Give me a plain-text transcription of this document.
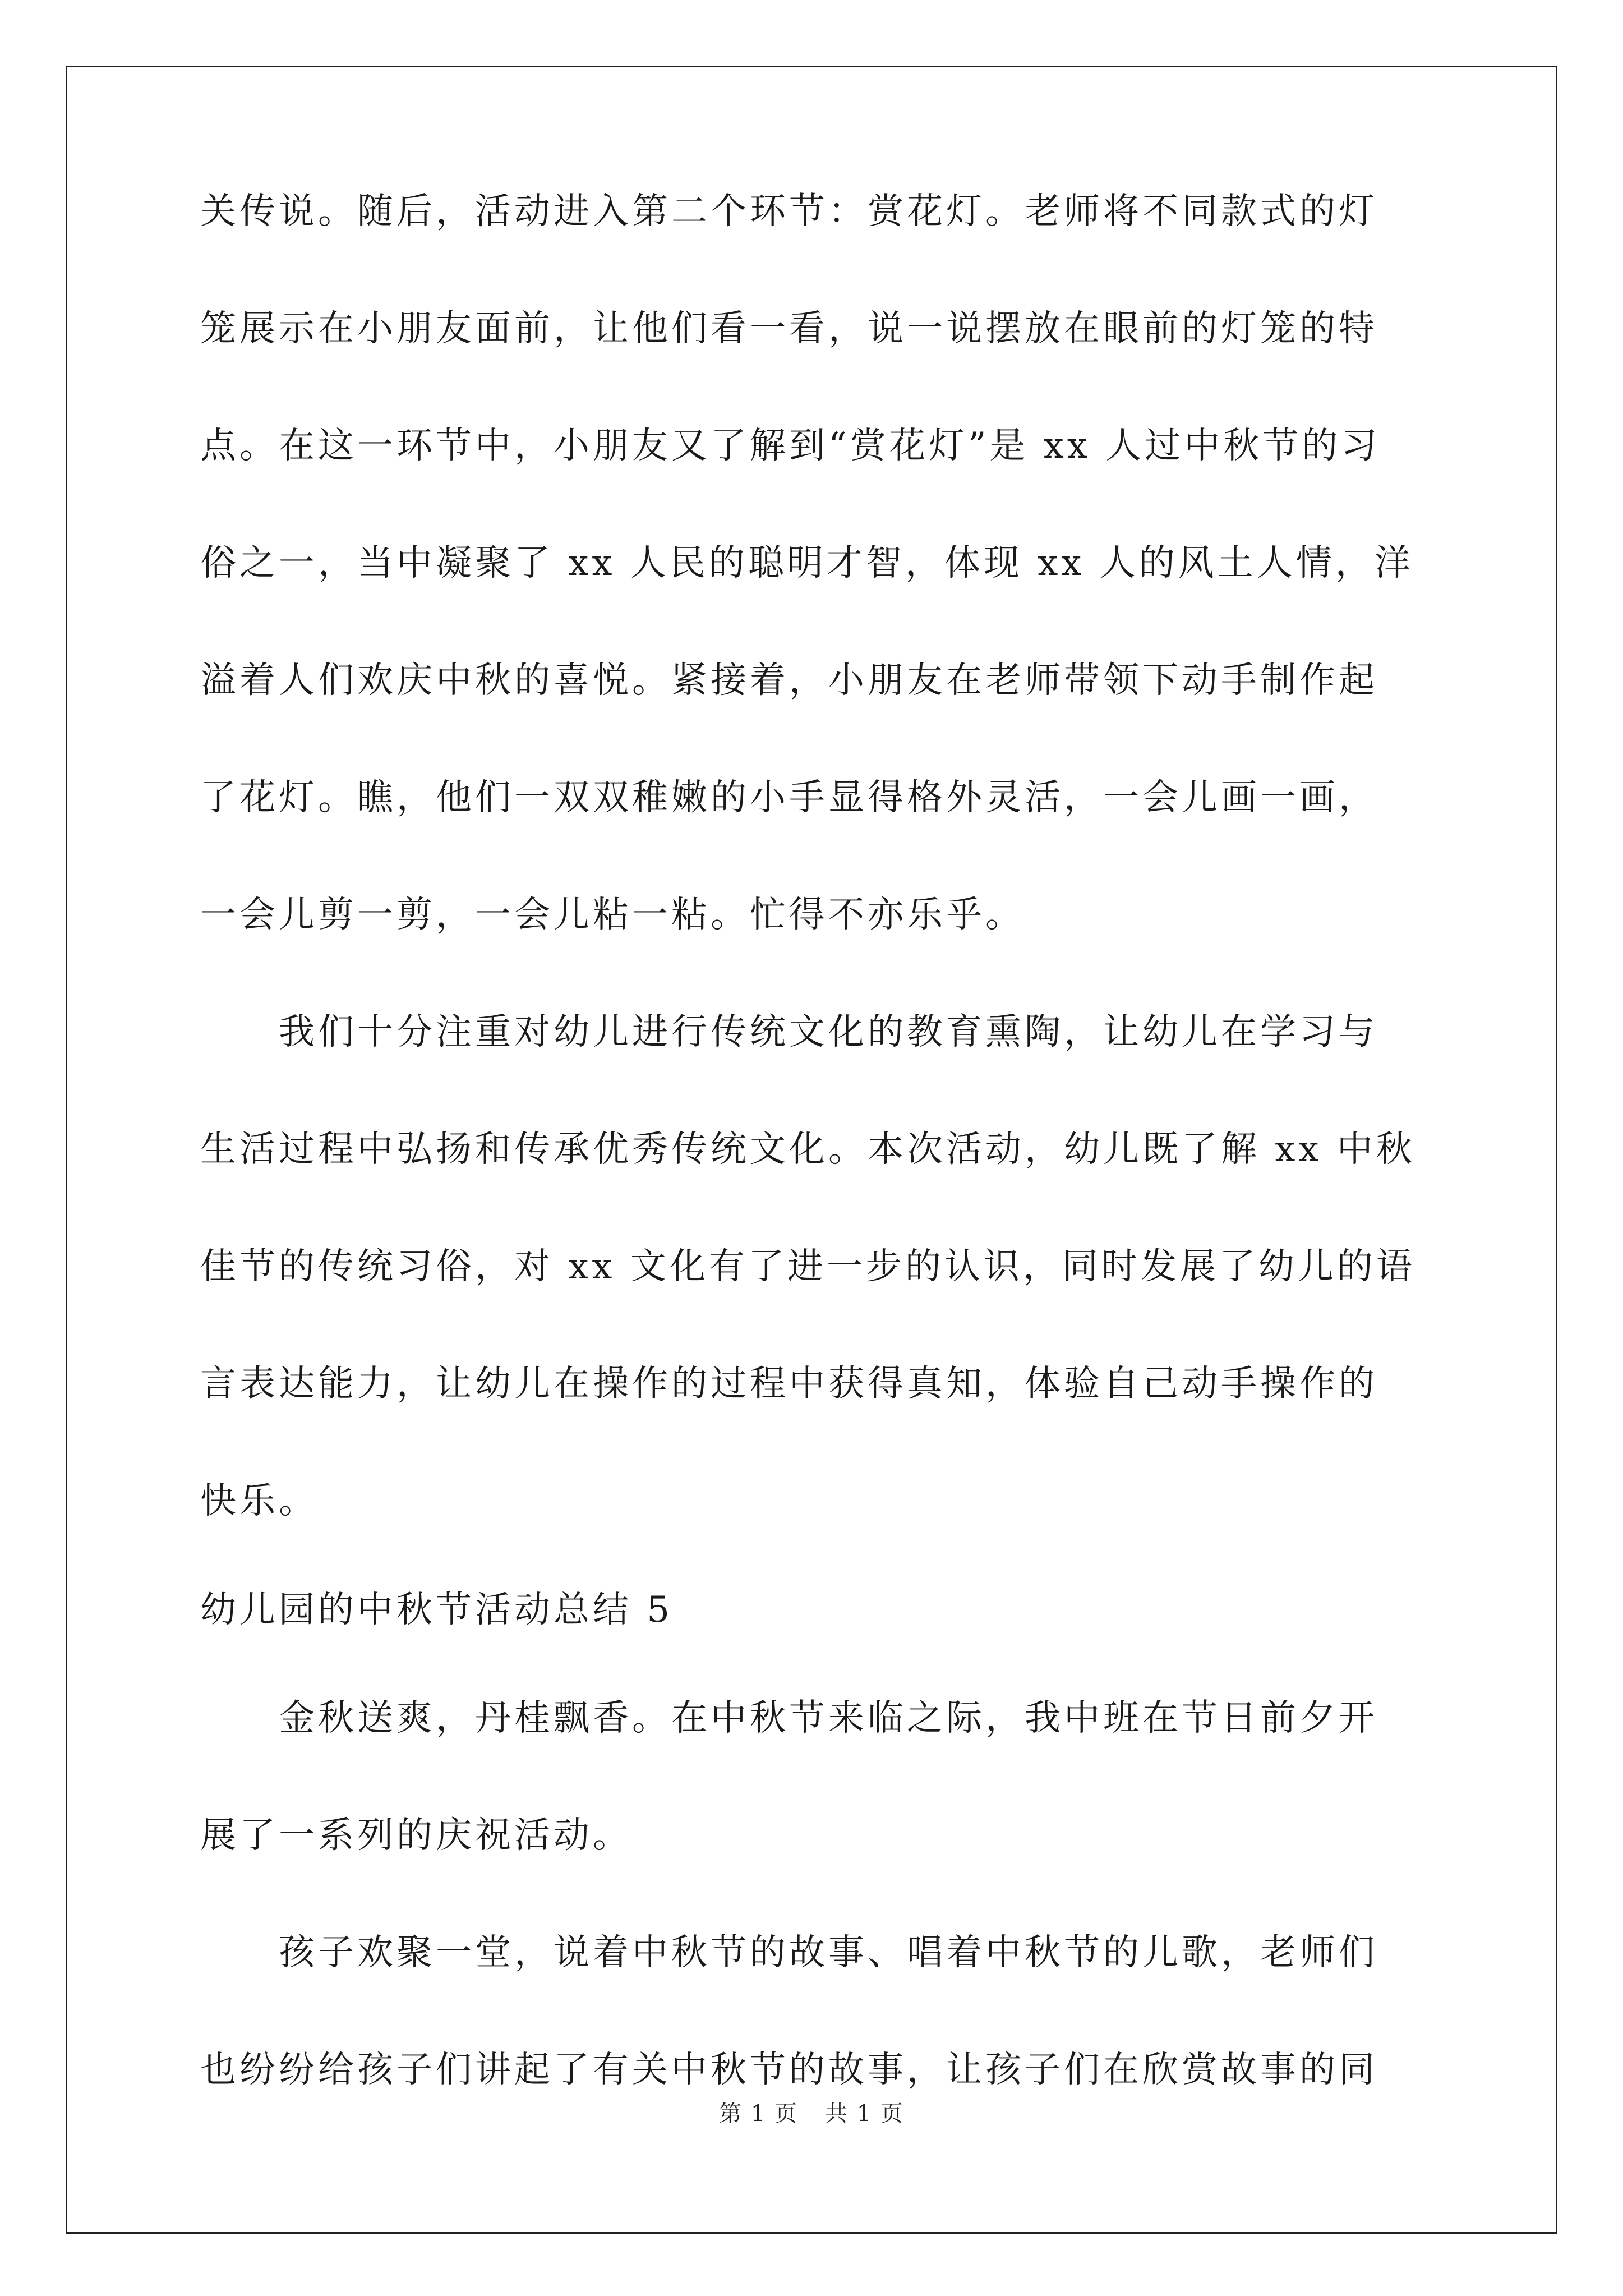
关传说。随后，活动进入第二个环节：赏花灯。老师将不同款式的灯

笼展示在小朋友面前，让他们看一看，说一说摆放在眼前的灯笼的特

点。在这一环节中，小朋友又了解到“赏花灯”是 xx 人过中秋节的习

俗之一，当中凝聚了 xx 人民的聪明才智，体现 xx 人的风土人情，洋

溢着人们欢庆中秋的喜悦。紧接着，小朋友在老师带领下动手制作起

了花灯。瞧，他们一双双稚嫩的小手显得格外灵活，一会儿画一画，

一会儿剪一剪，一会儿粘一粘。忙得不亦乐乎。

　　我们十分注重对幼儿进行传统文化的教育熏陶，让幼儿在学习与

生活过程中弘扬和传承优秀传统文化。本次活动，幼儿既了解 xx 中秋

佳节的传统习俗，对 xx 文化有了进一步的认识，同时发展了幼儿的语

言表达能力，让幼儿在操作的过程中获得真知，体验自己动手操作的

快乐。

幼儿园的中秋节活动总结 5

　　金秋送爽，丹桂飘香。在中秋节来临之际，我中班在节日前夕开

展了一系列的庆祝活动。

　　孩子欢聚一堂，说着中秋节的故事、唱着中秋节的儿歌，老师们

也纷纷给孩子们讲起了有关中秋节的故事，让孩子们在欣赏故事的同

第 1 页 共 1 页
